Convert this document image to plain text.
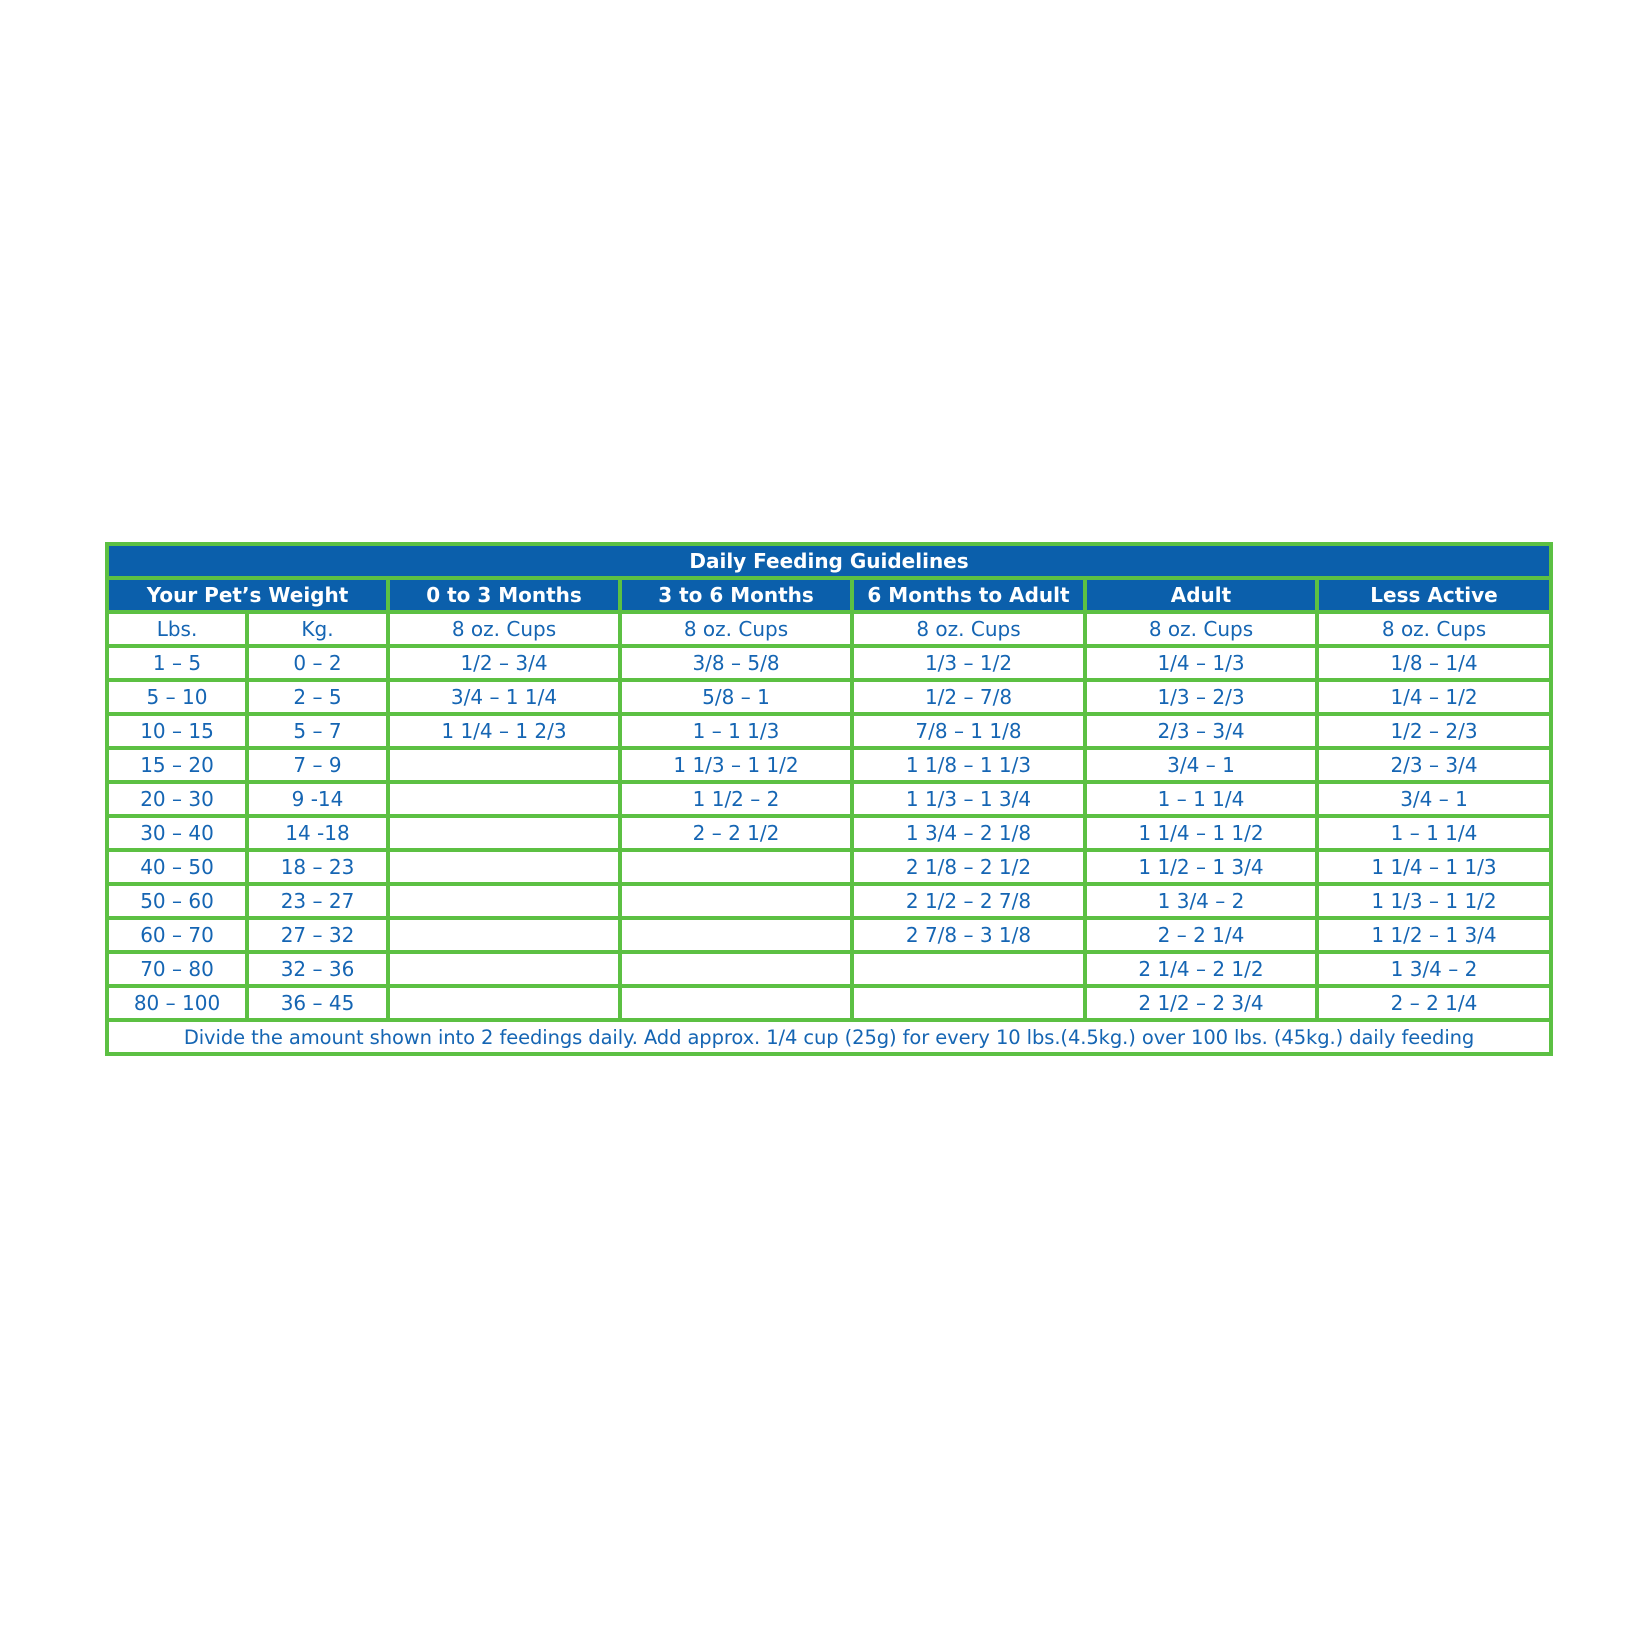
Daily Feeding Guidelines						
Your Pet’s Weight		0 to 3 Months	3 to 6 Months	6 Months to Adult	Adult	Less Active
Lbs.	Kg.	8 oz. Cups	8 oz. Cups	8 oz. Cups	8 oz. Cups	8 oz. Cups
1 – 5	0 – 2	1/2 – 3/4	3/8 – 5/8	1/3 – 1/2	1/4 – 1/3	1/8 – 1/4
5 – 10	2 – 5	3/4 – 1 1/4	5/8 – 1	1/2 – 7/8	1/3 – 2/3	1/4 – 1/2
10 – 15	5 – 7	1 1/4 – 1 2/3	1 – 1 1/3	7/8 – 1 1/8	2/3 – 3/4	1/2 – 2/3
15 – 20	7 – 9		1 1/3 – 1 1/2	1 1/8 – 1 1/3	3/4 – 1	2/3 – 3/4
20 – 30	9 -14		1 1/2 – 2	1 1/3 – 1 3/4	1 – 1 1/4	3/4 – 1
30 – 40	14 -18		2 – 2 1/2	1 3/4 – 2 1/8	1 1/4 – 1 1/2	1 – 1 1/4
40 – 50	18 – 23			2 1/8 – 2 1/2	1 1/2 – 1 3/4	1 1/4 – 1 1/3
50 – 60	23 – 27			2 1/2 – 2 7/8	1 3/4 – 2	1 1/3 – 1 1/2
60 – 70	27 – 32			2 7/8 – 3 1/8	2 – 2 1/4	1 1/2 – 1 3/4
70 – 80	32 – 36				2 1/4 – 2 1/2	1 3/4 – 2
80 – 100	36 – 45				2 1/2 – 2 3/4	2 – 2 1/4
Divide the amount shown into 2 feedings daily. Add approx. 1/4 cup (25g) for every 10 lbs.(4.5kg.) over 100 lbs. (45kg.) daily feeding						
